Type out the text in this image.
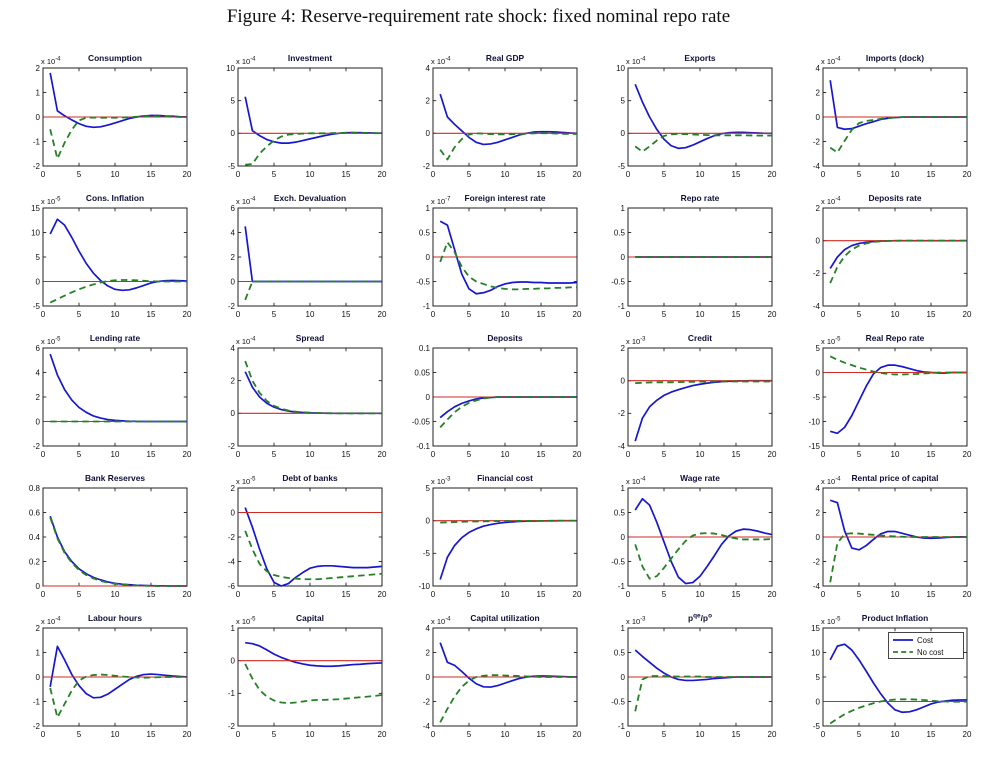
Figure 4: Reserve-requirement rate shock: fixed nominal repo rate
0	5	10	15	20
2
1
0
-1
-2
x $10^{-4}$	Consumption
0	5	10	15	20
10
5
0
-5
x $10^{-4}$	Investment
0	5	10	15	20
4
2
0
-2
x $10^{-4}$	Real GDP
0	5	10	15	20
10
5
0
-5
x $10^{-4}$	Exports
0	5	10	15	20
4
2
0
-2
-4
x $10^{-4}$	Imports (dock)
0	5	10	15	20
15
10
5
0
-5
x $10^{-5}$	Cons. Inflation
0	5	10	15	20
6
4
2
0
-2
x $10^{-4}$ Exch. Devaluation
0	5	10	15	20
1
0.5
0
-0.5
-1
x $10^{-7}$ Foreign interest rate
0	5	10	15	20
1
0.5
0
-0.5
-1
Repo rate
0	5	10	15	20
2
0
-2
-4
x $10^{-4}$	Deposits rate
0	5	10	15	20
6
4
2
0
-2
x $10^{-5}$	Lending rate
0	5	10	15	20
4
2
0
-2
x $10^{-4}$	Spread
0	5	10	15	20
0.1
0.05
0
-0.05
-0.1
Deposits
0	5	10	15	20
2
0
-2
-4
x $10^{-3}$	Credit
0	5	10	15	20
5
0
-5
-10
-15
x $10^{-5}$	Real Repo rate
0	5	10	15	20
0.8
0.6
0.4
0.2
0
Bank Reserves
0	5	10	15	20
2
0
-2
-4
-6
x $10^{-5}$	Debt of banks
0	5	10	15	20
5
0
-5
-10
x $10^{-3}$	Financial cost
0	5	10	15	20
1
0.5
0
-0.5
-1
x $10^{-4}$	Wage rate
0	5	10	15	20
4
2
0
-2
-4
x $10^{-4}$ Rental price of capital
0	5	10	15	20
2
1
0
-1
-2
x $10^{-4}$	Labour hours
0	5	10	15	20
1
0
-1
-2
x $10^{-5}$	Capital
0	5	10	15	20
4
2
0
-2
-4
x $10^{-4}$ Capital utilization
0	5	10	15	20
1
0.5
0
-0.5
-1
x $10^{-3}$	$p^{qe}/p^o$
0	5	10	15	20
15
10
5
0
-5
x $10^{-5}$	Product Inflation
Cost
No cost
